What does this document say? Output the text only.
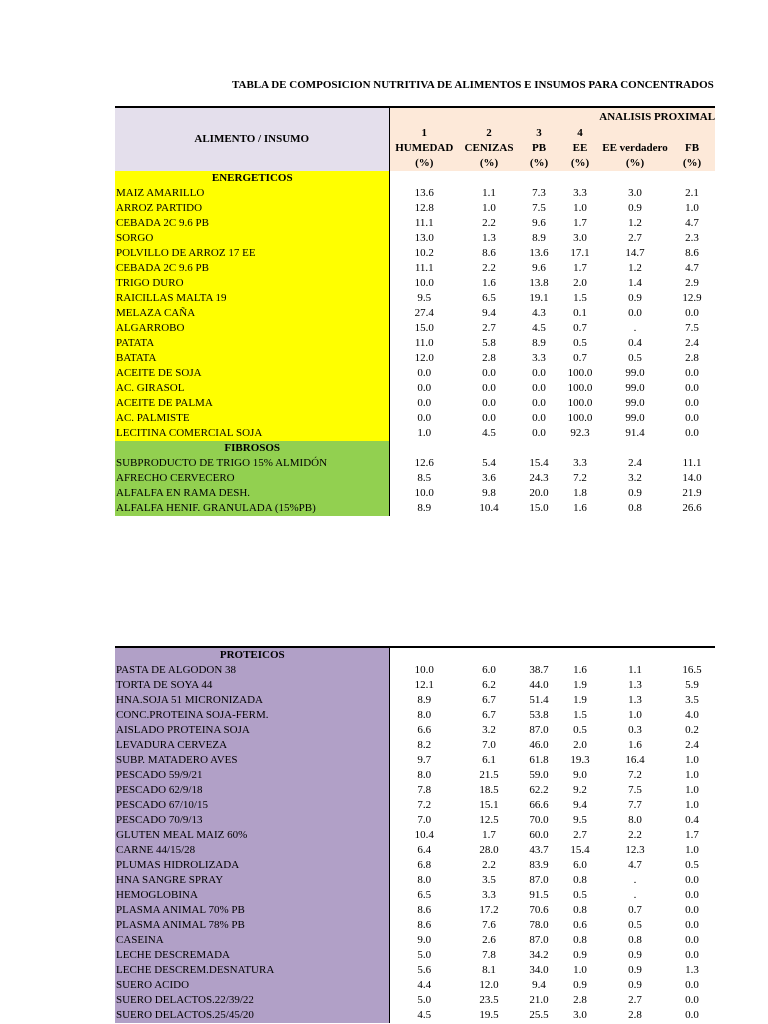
TABLA DE COMPOSICION NUTRITIVA DE ALIMENTOS E INSUMOS PARA CONCENTRADOS
ALIMENTO / INSUMO	ANALISIS PROXIMAL					
	1	2	3	4		
	HUMEDAD	CENIZAS	PB	EE	EE verdadero	FB
	(%)	(%)	(%)	(%)	(%)	(%)
ENERGETICOS						
MAIZ AMARILLO	13.6	1.1	7.3	3.3	3.0	2.1
ARROZ PARTIDO	12.8	1.0	7.5	1.0	0.9	1.0
CEBADA 2C 9.6 PB	11.1	2.2	9.6	1.7	1.2	4.7
SORGO	13.0	1.3	8.9	3.0	2.7	2.3
POLVILLO DE ARROZ 17 EE	10.2	8.6	13.6	17.1	14.7	8.6
CEBADA 2C 9.6 PB	11.1	2.2	9.6	1.7	1.2	4.7
TRIGO DURO	10.0	1.6	13.8	2.0	1.4	2.9
RAICILLAS MALTA 19	9.5	6.5	19.1	1.5	0.9	12.9
MELAZA CAÑA	27.4	9.4	4.3	0.1	0.0	0.0
ALGARROBO	15.0	2.7	4.5	0.7	.	7.5
PATATA	11.0	5.8	8.9	0.5	0.4	2.4
BATATA	12.0	2.8	3.3	0.7	0.5	2.8
ACEITE DE SOJA	0.0	0.0	0.0	100.0	99.0	0.0
AC. GIRASOL	0.0	0.0	0.0	100.0	99.0	0.0
ACEITE DE PALMA	0.0	0.0	0.0	100.0	99.0	0.0
AC. PALMISTE	0.0	0.0	0.0	100.0	99.0	0.0
LECITINA COMERCIAL SOJA	1.0	4.5	0.0	92.3	91.4	0.0
FIBROSOS						
SUBPRODUCTO DE TRIGO 15% ALMIDÓN	12.6	5.4	15.4	3.3	2.4	11.1
AFRECHO CERVECERO	8.5	3.6	24.3	7.2	3.2	14.0
ALFALFA EN RAMA DESH.	10.0	9.8	20.0	1.8	0.9	21.9
ALFALFA HENIF. GRANULADA (15%PB)	8.9	10.4	15.0	1.6	0.8	26.6
PROTEICOS						
PASTA DE ALGODON 38	10.0	6.0	38.7	1.6	1.1	16.5
TORTA DE SOYA 44	12.1	6.2	44.0	1.9	1.3	5.9
HNA.SOJA 51 MICRONIZADA	8.9	6.7	51.4	1.9	1.3	3.5
CONC.PROTEINA SOJA-FERM.	8.0	6.7	53.8	1.5	1.0	4.0
AISLADO PROTEINA SOJA	6.6	3.2	87.0	0.5	0.3	0.2
LEVADURA CERVEZA	8.2	7.0	46.0	2.0	1.6	2.4
SUBP. MATADERO AVES	9.7	6.1	61.8	19.3	16.4	1.0
PESCADO 59/9/21	8.0	21.5	59.0	9.0	7.2	1.0
PESCADO 62/9/18	7.8	18.5	62.2	9.2	7.5	1.0
PESCADO 67/10/15	7.2	15.1	66.6	9.4	7.7	1.0
PESCADO 70/9/13	7.0	12.5	70.0	9.5	8.0	0.4
GLUTEN MEAL MAIZ 60%	10.4	1.7	60.0	2.7	2.2	1.7
CARNE 44/15/28	6.4	28.0	43.7	15.4	12.3	1.0
PLUMAS HIDROLIZADA	6.8	2.2	83.9	6.0	4.7	0.5
HNA SANGRE SPRAY	8.0	3.5	87.0	0.8	.	0.0
HEMOGLOBINA	6.5	3.3	91.5	0.5	.	0.0
PLASMA ANIMAL 70% PB	8.6	17.2	70.6	0.8	0.7	0.0
PLASMA ANIMAL 78% PB	8.6	7.6	78.0	0.6	0.5	0.0
CASEINA	9.0	2.6	87.0	0.8	0.8	0.0
LECHE DESCREMADA	5.0	7.8	34.2	0.9	0.9	0.0
LECHE DESCREM.DESNATURA	5.6	8.1	34.0	1.0	0.9	1.3
SUERO ACIDO	4.4	12.0	9.4	0.9	0.9	0.0
SUERO DELACTOS.22/39/22	5.0	23.5	21.0	2.8	2.7	0.0
SUERO DELACTOS.25/45/20	4.5	19.5	25.5	3.0	2.8	0.0
